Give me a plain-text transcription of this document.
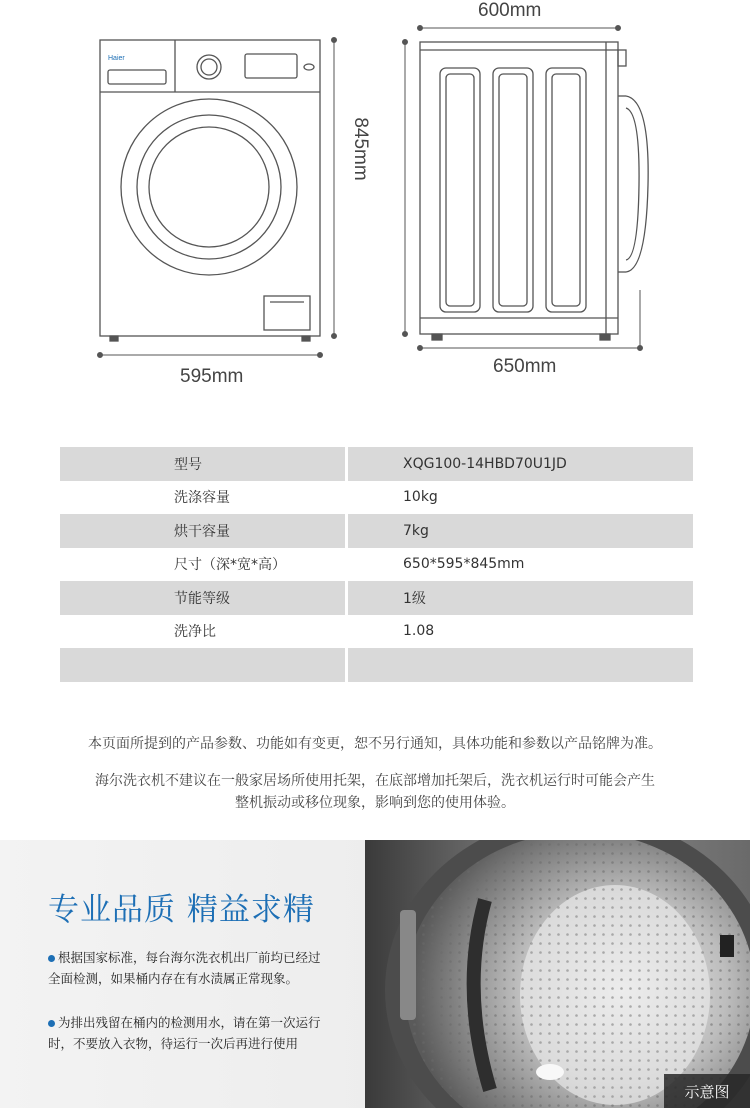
Haier
600mm
845mm
595mm	650mm
型号	XQG100-14HBD70U1JD
洗涤容量	10kg
烘干容量	7kg
尺寸（深*宽*高）	650*595*845mm
节能等级	1级
洗净比	1.08

本页面所提到的产品参数、功能如有变更，恕不另行通知，具体功能和参数以产品铭牌为准。

海尔洗衣机不建议在一般家居场所使用托架，在底部增加托架后，洗衣机运行时可能会产生

整机振动或移位现象，影响到您的使用体验。

专业品质 精益求精
根据国家标准，每台海尔洗衣机出厂前均已经过
全面检测，如果桶内存在有水渍属正常现象。
为排出残留在桶内的检测用水，请在第一次运行
时，不要放入衣物，待运行一次后再进行使用
示意图
